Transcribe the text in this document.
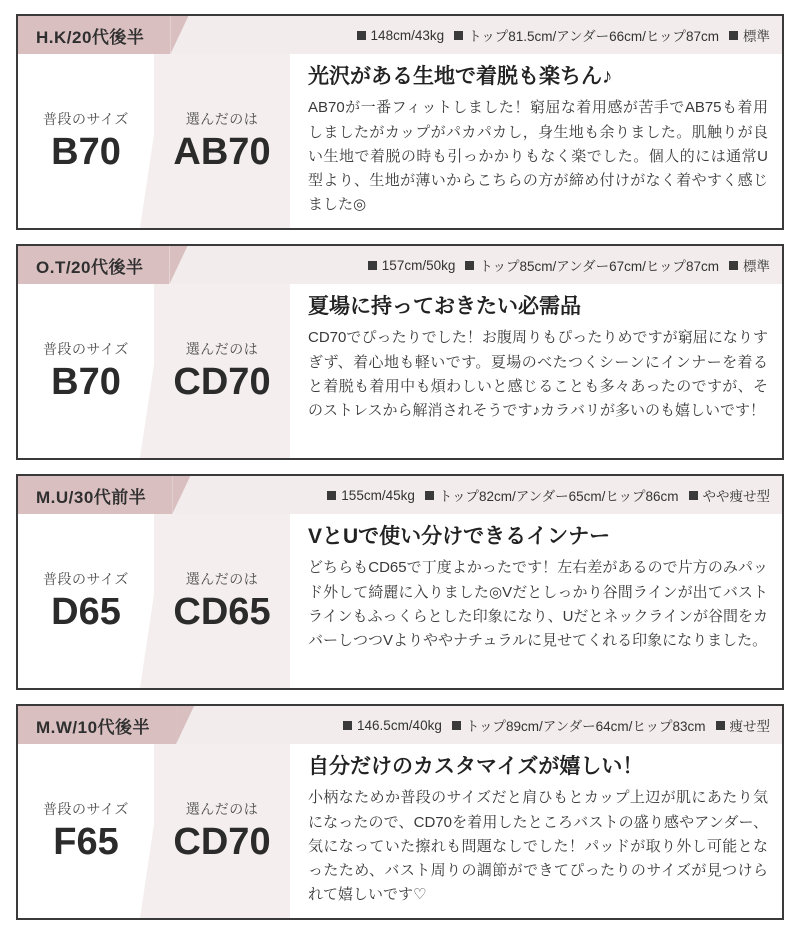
H.K/20代後半	148cm/43kg トップ81.5cm/アンダー66cm/ヒップ87cm 標準
普段のサイズ
B70
選んだのは
AB70
光沢がある生地で着脱も楽ちん♪

AB70が一番フィットしました！窮屈な着用感が苦手でAB75も着用しましたがカップがパカパカし，身生地も余りました。肌触りが良い生地で着脱の時も引っかかりもなく楽でした。個人的には通常U型より、生地が薄いからこちらの方が締め付けがなく着やすく感じました◎

O.T/20代後半	157cm/50kg トップ85cm/アンダー67cm/ヒップ87cm 標準
普段のサイズ
B70
選んだのは
CD70
夏場に持っておきたい必需品

CD70でぴったりでした！お腹周りもぴったりめですが窮屈になりすぎず、着心地も軽いです。夏場のべたつくシーンにインナーを着ると着脱も着用中も煩わしいと感じることも多々あったのですが、そのストレスから解消されそうです♪カラバリが多いのも嬉しいです！

M.U/30代前半	155cm/45kg トップ82cm/アンダー65cm/ヒップ86cm やや痩せ型
普段のサイズ
D65
選んだのは
CD65
VとUで使い分けできるインナー

どちらもCD65で丁度よかったです！左右差があるので片方のみパッド外して綺麗に入りました◎Vだとしっかり谷間ラインが出てバストラインもふっくらとした印象になり、Uだとネックラインが谷間をカバーしつつVよりややナチュラルに見せてくれる印象になりました。

M.W/10代後半	146.5cm/40kg トップ89cm/アンダー64cm/ヒップ83cm 痩せ型
普段のサイズ
F65
選んだのは
CD70
自分だけのカスタマイズが嬉しい！

小柄なためか普段のサイズだと肩ひもとカップ上辺が肌にあたり気になったので、CD70を着用したところバストの盛り感やアンダー、気になっていた擦れも問題なしでした！パッドが取り外し可能となったため、バスト周りの調節ができてぴったりのサイズが見つけられて嬉しいです♡
